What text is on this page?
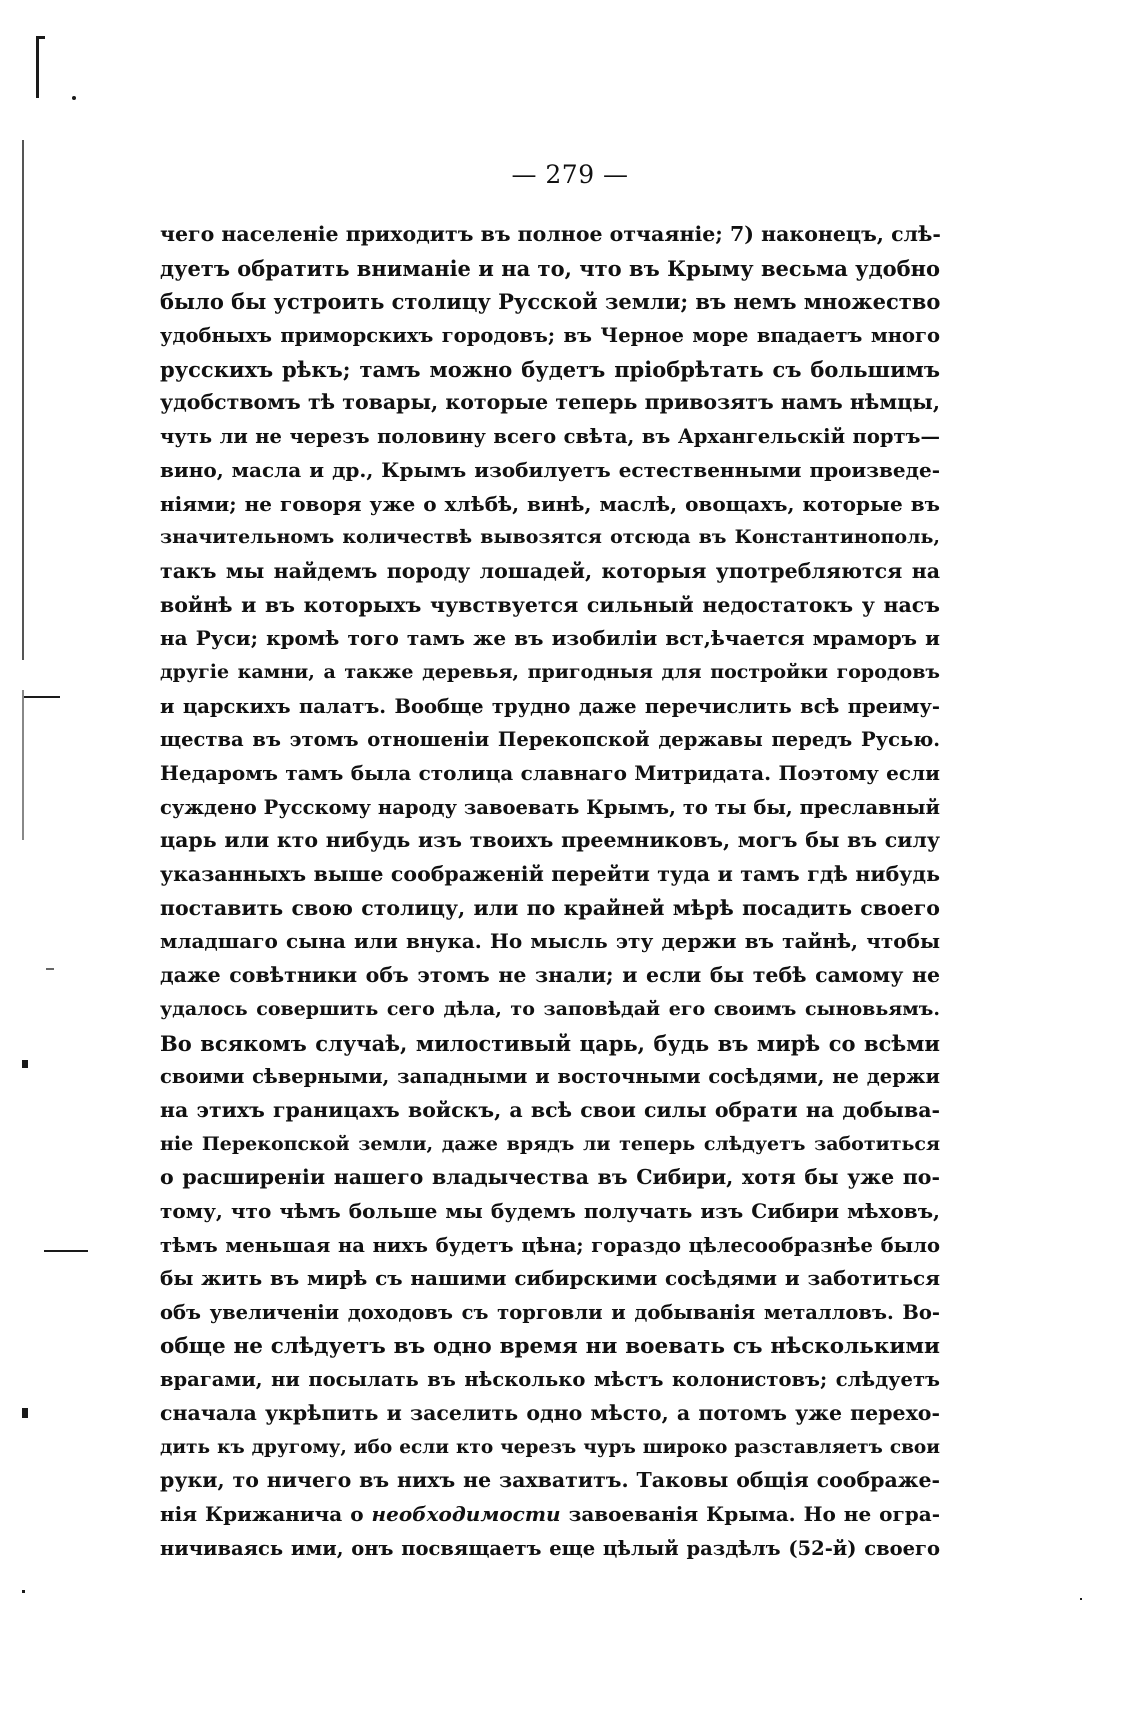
— 279 —
чего населеніе приходитъ въ полное отчаяніе; 7) наконецъ, слѣ-
дуетъ обратить вниманіе и на то, что въ Крыму весьма удобно
было бы устроить столицу Русской земли; въ немъ множество
удобныхъ приморскихъ городовъ; въ Черное море впадаетъ много
русскихъ рѣкъ; тамъ можно будетъ пріобрѣтать съ большимъ
удобствомъ тѣ товары, которые теперь привозятъ намъ нѣмцы,
чуть ли не черезъ половину всего свѣта, въ Архангельскій портъ—
вино, масла и др., Крымъ изобилуетъ естественными произведе-
ніями; не говоря уже о хлѣбѣ, винѣ, маслѣ, овощахъ, которые въ
значительномъ количествѣ вывозятся отсюда въ Константинополь,
такъ мы найдемъ породу лошадей, которыя употребляются на
войнѣ и въ которыхъ чувствуется сильный недостатокъ у насъ
на Руси; кромѣ того тамъ же въ изобиліи вст,ѣчается мраморъ и
другіе камни, а также деревья, пригодныя для постройки городовъ
и царскихъ палатъ. Вообще трудно даже перечислить всѣ преиму-
щества въ этомъ отношеніи Перекопской державы передъ Русью.
Недаромъ тамъ была столица славнаго Митридата. Поэтому если
суждено Русскому народу завоевать Крымъ, то ты бы, преславный
царь или кто нибудь изъ твоихъ преемниковъ, могъ бы въ силу
указанныхъ выше соображеній перейти туда и тамъ гдѣ нибудь
поставить свою столицу, или по крайней мѣрѣ посадить своего
младшаго сына или внука. Но мысль эту держи въ тайнѣ, чтобы
даже совѣтники объ этомъ не знали; и если бы тебѣ самому не
удалось совершить сего дѣла, то заповѣдай его своимъ сыновьямъ.
Во всякомъ случаѣ, милостивый царь, будь въ мирѣ со всѣми
своими сѣверными, западными и восточными сосѣдями, не держи
на этихъ границахъ войскъ, а всѣ свои силы обрати на добыва-
ніе Перекопской земли, даже врядъ ли теперь слѣдуетъ заботиться
о расширеніи нашего владычества въ Сибири, хотя бы уже по-
тому, что чѣмъ больше мы будемъ получать изъ Сибири мѣховъ,
тѣмъ меньшая на нихъ будетъ цѣна; гораздо цѣлесообразнѣе было
бы жить въ мирѣ съ нашими сибирскими сосѣдями и заботиться
объ увеличеніи доходовъ съ торговли и добыванія металловъ. Во-
обще не слѣдуетъ въ одно время ни воевать съ нѣсколькими
врагами, ни посылать въ нѣсколько мѣстъ колонистовъ; слѣдуетъ
сначала укрѣпить и заселить одно мѣсто, а потомъ уже перехо-
дить къ другому, ибо если кто черезъ чуръ широко разставляетъ свои
руки, то ничего въ нихъ не захватитъ. Таковы общія соображе-
нія Крижанича о необходимости завоеванія Крыма. Но не огра-
ничиваясь ими, онъ посвящаетъ еще цѣлый раздѣлъ (52-й) своего
